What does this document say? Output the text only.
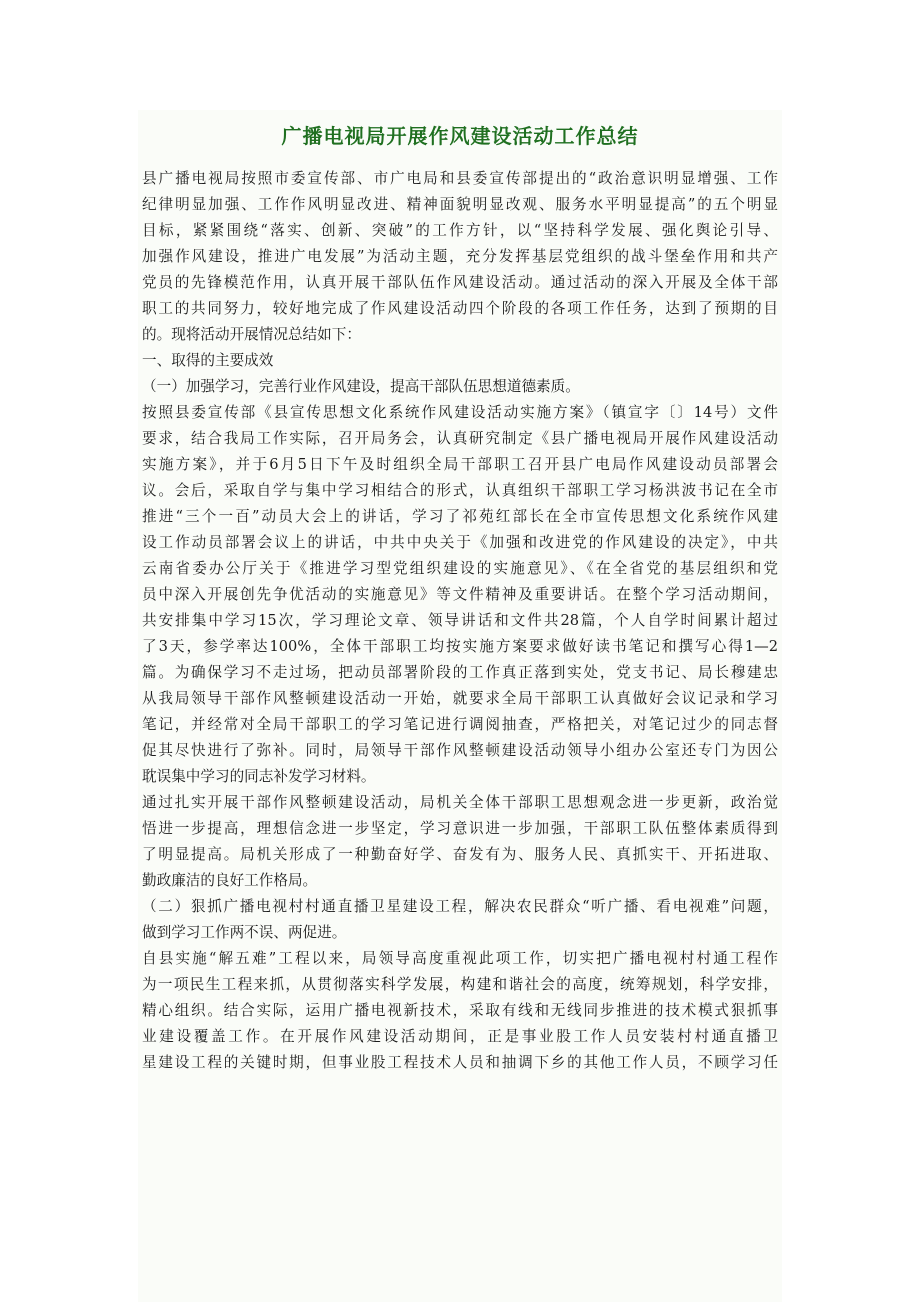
广播电视局开展作风建设活动工作总结
县广播电视局按照市委宣传部、市广电局和县委宣传部提出的“政治意识明显增强、工作
纪律明显加强、工作作风明显改进、精神面貌明显改观、服务水平明显提高”的五个明显
目标，紧紧围绕“落实、创新、突破”的工作方针，以“坚持科学发展、强化舆论引导、
加强作风建设，推进广电发展”为活动主题，充分发挥基层党组织的战斗堡垒作用和共产
党员的先锋模范作用，认真开展干部队伍作风建设活动。通过活动的深入开展及全体干部
职工的共同努力，较好地完成了作风建设活动四个阶段的各项工作任务，达到了预期的目
的。现将活动开展情况总结如下：
一、取得的主要成效
（一）加强学习，完善行业作风建设，提高干部队伍思想道德素质。
按照县委宣传部《县宣传思想文化系统作风建设活动实施方案》（镇宣字〔〕14号）文件
要求，结合我局工作实际，召开局务会，认真研究制定《县广播电视局开展作风建设活动
实施方案》，并于6月5日下午及时组织全局干部职工召开县广电局作风建设动员部署会
议。会后，采取自学与集中学习相结合的形式，认真组织干部职工学习杨洪波书记在全市
推进“三个一百”动员大会上的讲话，学习了祁苑红部长在全市宣传思想文化系统作风建
设工作动员部署会议上的讲话，中共中央关于《加强和改进党的作风建设的决定》，中共
云南省委办公厅关于《推进学习型党组织建设的实施意见》、《在全省党的基层组织和党
员中深入开展创先争优活动的实施意见》等文件精神及重要讲话。在整个学习活动期间，
共安排集中学习15次，学习理论文章、领导讲话和文件共28篇，个人自学时间累计超过
了3天，参学率达100%，全体干部职工均按实施方案要求做好读书笔记和撰写心得1—2
篇。为确保学习不走过场，把动员部署阶段的工作真正落到实处，党支书记、局长穆建忠
从我局领导干部作风整顿建设活动一开始，就要求全局干部职工认真做好会议记录和学习
笔记，并经常对全局干部职工的学习笔记进行调阅抽查，严格把关，对笔记过少的同志督
促其尽快进行了弥补。同时，局领导干部作风整顿建设活动领导小组办公室还专门为因公
耽误集中学习的同志补发学习材料。
通过扎实开展干部作风整顿建设活动，局机关全体干部职工思想观念进一步更新，政治觉
悟进一步提高，理想信念进一步坚定，学习意识进一步加强，干部职工队伍整体素质得到
了明显提高。局机关形成了一种勤奋好学、奋发有为、服务人民、真抓实干、开拓进取、
勤政廉洁的良好工作格局。
（二）狠抓广播电视村村通直播卫星建设工程，解决农民群众“听广播、看电视难”问题，
做到学习工作两不误、两促进。
自县实施“解五难”工程以来，局领导高度重视此项工作，切实把广播电视村村通工程作
为一项民生工程来抓，从贯彻落实科学发展，构建和谐社会的高度，统筹规划，科学安排，
精心组织。结合实际，运用广播电视新技术，采取有线和无线同步推进的技术模式狠抓事
业建设覆盖工作。在开展作风建设活动期间，正是事业股工作人员安装村村通直播卫
星建设工程的关键时期，但事业股工程技术人员和抽调下乡的其他工作人员，不顾学习任
